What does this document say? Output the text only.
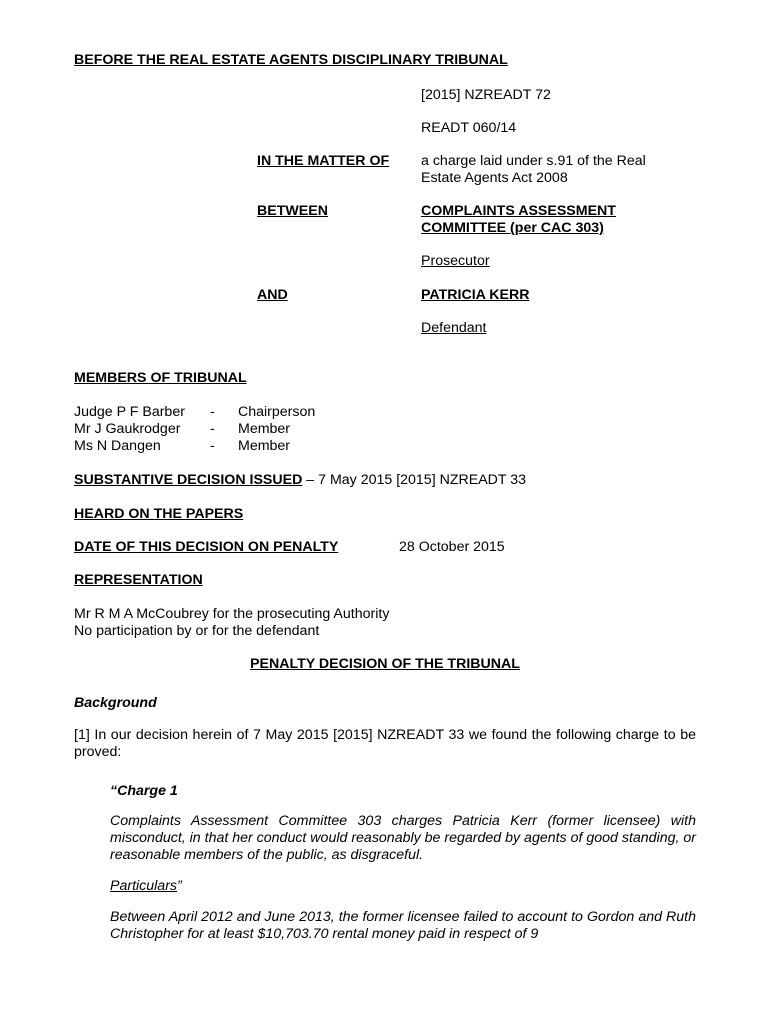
BEFORE THE REAL ESTATE AGENTS DISCIPLINARY TRIBUNAL

[2015] NZREADT 72

READT 060/14

IN THE MATTER OF a charge laid under s.91 of the Real

Estate Agents Act 2008

BETWEEN	COMPLAINTS ASSESSMENT

COMMITTEE (per CAC 303)

Prosecutor

AND	PATRICIA KERR

Defendant

MEMBERS OF TRIBUNAL

Judge P F Barber	-	Chairperson
Mr J Gaukrodger	-	Member
Ms N Dangen	-	Member

SUBSTANTIVE DECISION ISSUED – 7 May 2015 [2015] NZREADT 33

HEARD ON THE PAPERS

DATE OF THIS DECISION ON PENALTY	28 October 2015

REPRESENTATION

Mr R M A McCoubrey for the prosecuting Authority

No participation by or for the defendant

PENALTY DECISION OF THE TRIBUNAL

Background

[1] In our decision herein of 7 May 2015 [2015] NZREADT 33 we found the following charge to be proved:

“Charge 1

Complaints Assessment Committee 303 charges Patricia Kerr (former licensee) with misconduct, in that her conduct would reasonably be regarded by agents of good standing, or reasonable members of the public, as disgraceful.

Particulars”

Between April 2012 and June 2013, the former licensee failed to account to Gordon and Ruth Christopher for at least $10,703.70 rental money paid in respect of 9
